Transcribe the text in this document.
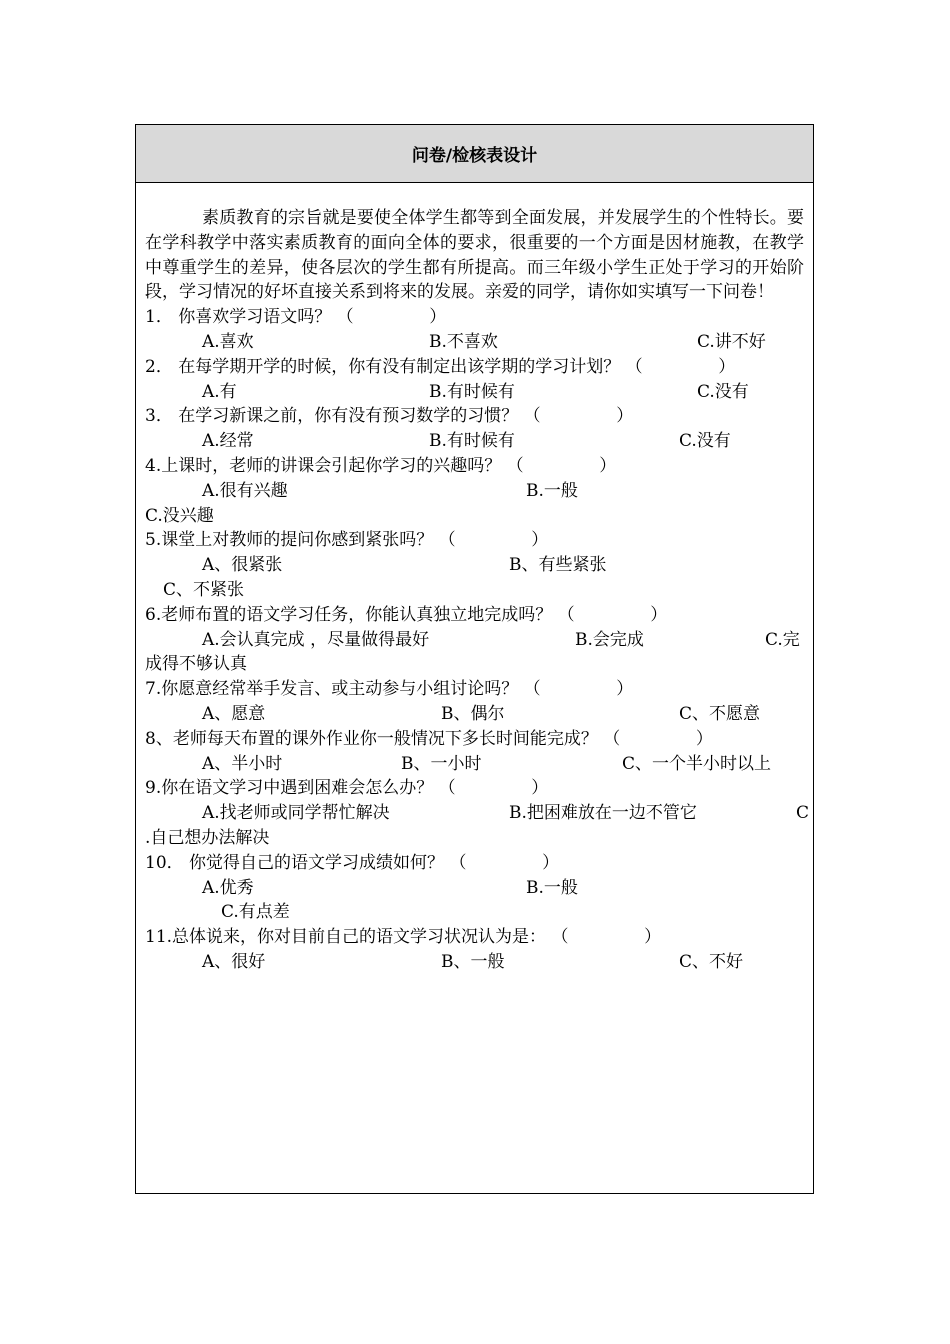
问卷/检核表设计

素质教育的宗旨就是要使全体学生都等到全面发展，并发展学生的个性特长。要在学科教学中落实素质教育的面向全体的要求，很重要的一个方面是因材施教，在教学中尊重学生的差异，使各层次的学生都有所提高。而三年级小学生正处于学习的开始阶段，学习情况的好坏直接关系到将来的发展。亲爱的同学，请你如实填写一下问卷！

1． 你喜欢学习语文吗？ （              ）

A.喜欢	B.不喜欢	C.讲不好

2． 在每学期开学的时候，你有没有制定出该学期的学习计划？ （              ）

A.有	B.有时候有	C.没有

3． 在学习新课之前，你有没有预习数学的习惯？ （              ）

A.经常	B.有时候有	C.没有

4.上课时，老师的讲课会引起你学习的兴趣吗？ （              ）

A.很有兴趣	B.一般

C.没兴趣

5.课堂上对教师的提问你感到紧张吗？ （              ）

A、很紧张	B、有些紧张
C、不紧张

6.老师布置的语文学习任务，你能认真独立地完成吗？ （              ）

A.会认真完成 ，尽量做得最好	B.会完成	C.完

成得不够认真

7.你愿意经常举手发言、或主动参与小组讨论吗？ （              ）

A、愿意	B、偶尔	C、不愿意

8、老师每天布置的课外作业你一般情况下多长时间能完成？ （              ）

A、半小时	B、一小时	C、一个半小时以上

9.你在语文学习中遇到困难会怎么办？ （              ）

A.找老师或同学帮忙解决	B.把困难放在一边不管它	C

.自己想办法解决

10． 你觉得自己的语文学习成绩如何？ （              ）

A.优秀	B.一般
C.有点差

11.总体说来，你对目前自己的语文学习状况认为是： （              ）

A、很好	B、一般	C、不好
